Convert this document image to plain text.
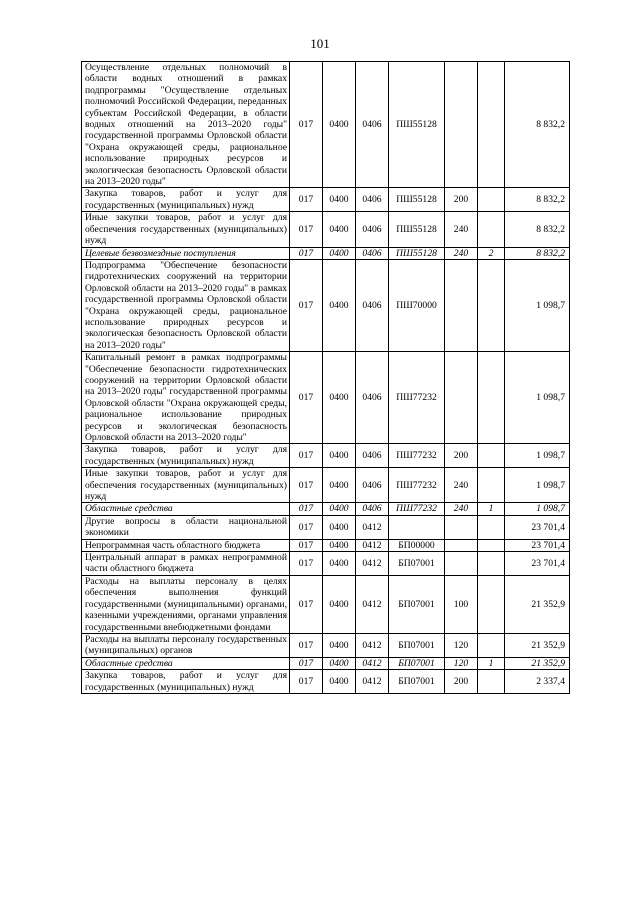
101
Осуществление отдельных полномочий в области водных отношений в рамках подпрограммы "Осуществление отдельных полномочий Российской Федерации, переданных субъектам Российской Федерации, в области водных отношений на 2013–2020 годы" государственной программы Орловской области "Охрана окружающей среды, рациональное использование природных ресурсов и экологическая безопасность Орловской области на 2013–2020 годы"	017	0400	0406	ПШ55128			8 832,2
Закупка товаров, работ и услуг для государственных (муниципальных) нужд	017	0400	0406	ПШ55128	200		8 832,2
Иные закупки товаров, работ и услуг для обеспечения государственных (муниципальных) нужд	017	0400	0406	ПШ55128	240		8 832,2
Целевые безвозмездные поступления	017	0400	0406	ПШ55128	240	2	8 832,2
Подпрограмма "Обеспечение безопасности гидротехнических сооружений на территории Орловской области на 2013–2020 годы" в рамках государственной программы Орловской области "Охрана окружающей среды, рациональное использование природных ресурсов и экологическая безопасность Орловской области на 2013–2020 годы"	017	0400	0406	ПШ70000			1 098,7
Капитальный ремонт в рамках подпрограммы "Обеспечение безопасности гидротехнических сооружений на территории Орловской области на 2013–2020 годы" государственной программы Орловской области "Охрана окружающей среды, рациональное использование природных ресурсов и экологическая безопасность Орловской области на 2013–2020 годы"	017	0400	0406	ПШ77232			1 098,7
Закупка товаров, работ и услуг для государственных (муниципальных) нужд	017	0400	0406	ПШ77232	200		1 098,7
Иные закупки товаров, работ и услуг для обеспечения государственных (муниципальных) нужд	017	0400	0406	ПШ77232	240		1 098,7
Областные средства	017	0400	0406	ПШ77232	240	1	1 098,7
Другие вопросы в области национальной экономики	017	0400	0412				23 701,4
Непрограммная часть областного бюджета	017	0400	0412	БП00000			23 701,4
Центральный аппарат в рамках непрограммной части областного бюджета	017	0400	0412	БП07001			23 701,4
Расходы на выплаты персоналу в целях обеспечения выполнения функций государственными (муниципальными) органами, казенными учреждениями, органами управления государственными внебюджетными фондами	017	0400	0412	БП07001	100		21 352,9
Расходы на выплаты персоналу государственных (муниципальных) органов	017	0400	0412	БП07001	120		21 352,9
Областные средства	017	0400	0412	БП07001	120	1	21 352,9
Закупка товаров, работ и услуг для государственных (муниципальных) нужд	017	0400	0412	БП07001	200		2 337,4
